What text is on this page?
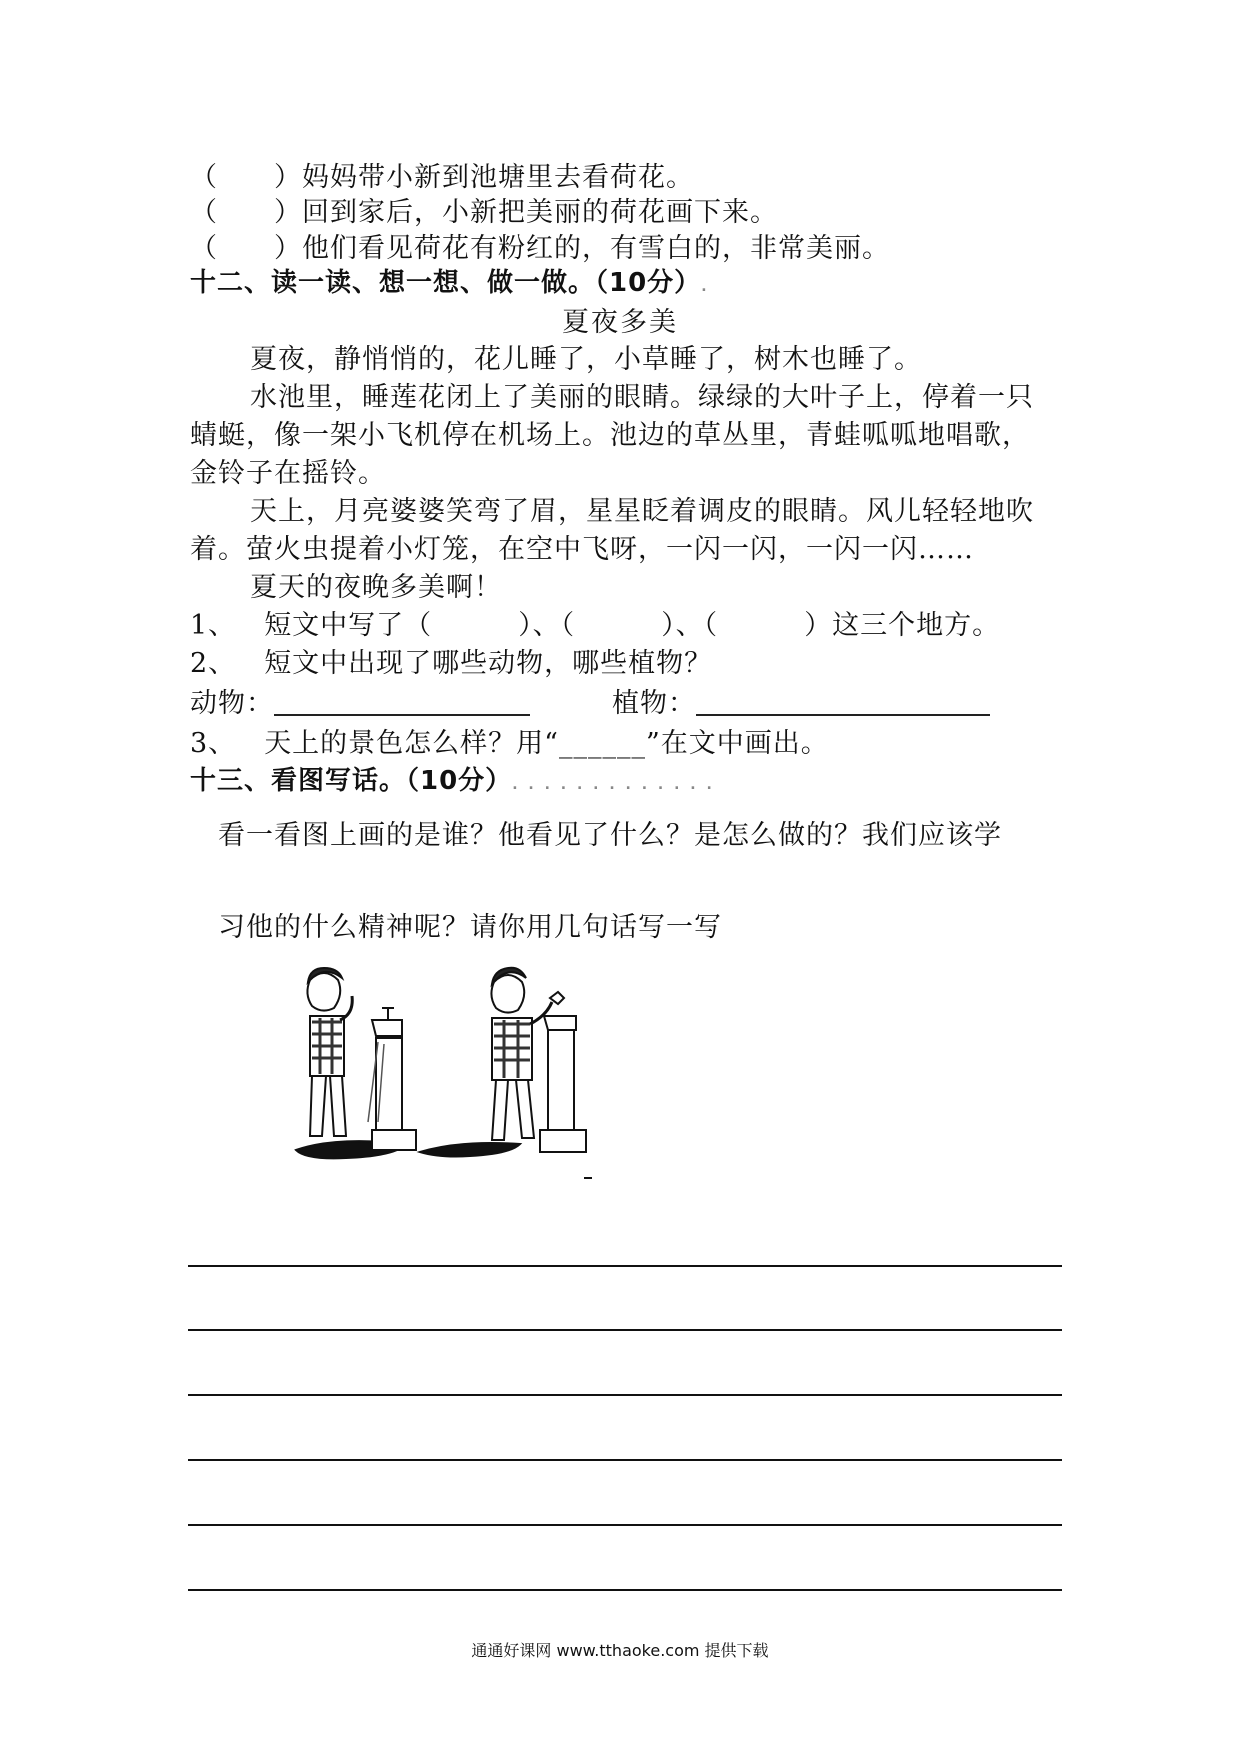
（　　）妈妈带小新到池塘里去看荷花。
（　　）回到家后，小新把美丽的荷花画下来。
（　　）他们看见荷花有粉红的，有雪白的，非常美丽。
十二、读一读、想一想、做一做。（10分）.
夏夜多美
夏夜，静悄悄的，花儿睡了，小草睡了，树木也睡了。
水池里，睡莲花闭上了美丽的眼睛。绿绿的大叶子上，停着一只
蜻蜓，像一架小飞机停在机场上。池边的草丛里，青蛙呱呱地唱歌，
金铃子在摇铃。
天上，月亮婆婆笑弯了眉，星星眨着调皮的眼睛。风儿轻轻地吹
着。萤火虫提着小灯笼，在空中飞呀，一闪一闪，一闪一闪……
夏天的夜晚多美啊！
1、 短文中写了（	）、（	）、（	）这三个地方。
2、 短文中出现了哪些动物，哪些植物？
动物：	植物：
3、 天上的景色怎么样？用“______”在文中画出。
十三、看图写话。（10分）. . . . . . . . . . . . .
看一看图上画的是谁？他看见了什么？是怎么做的？我们应该学
习他的什么精神呢？请你用几句话写一写
通通好课网 www.tthaoke.com 提供下载
